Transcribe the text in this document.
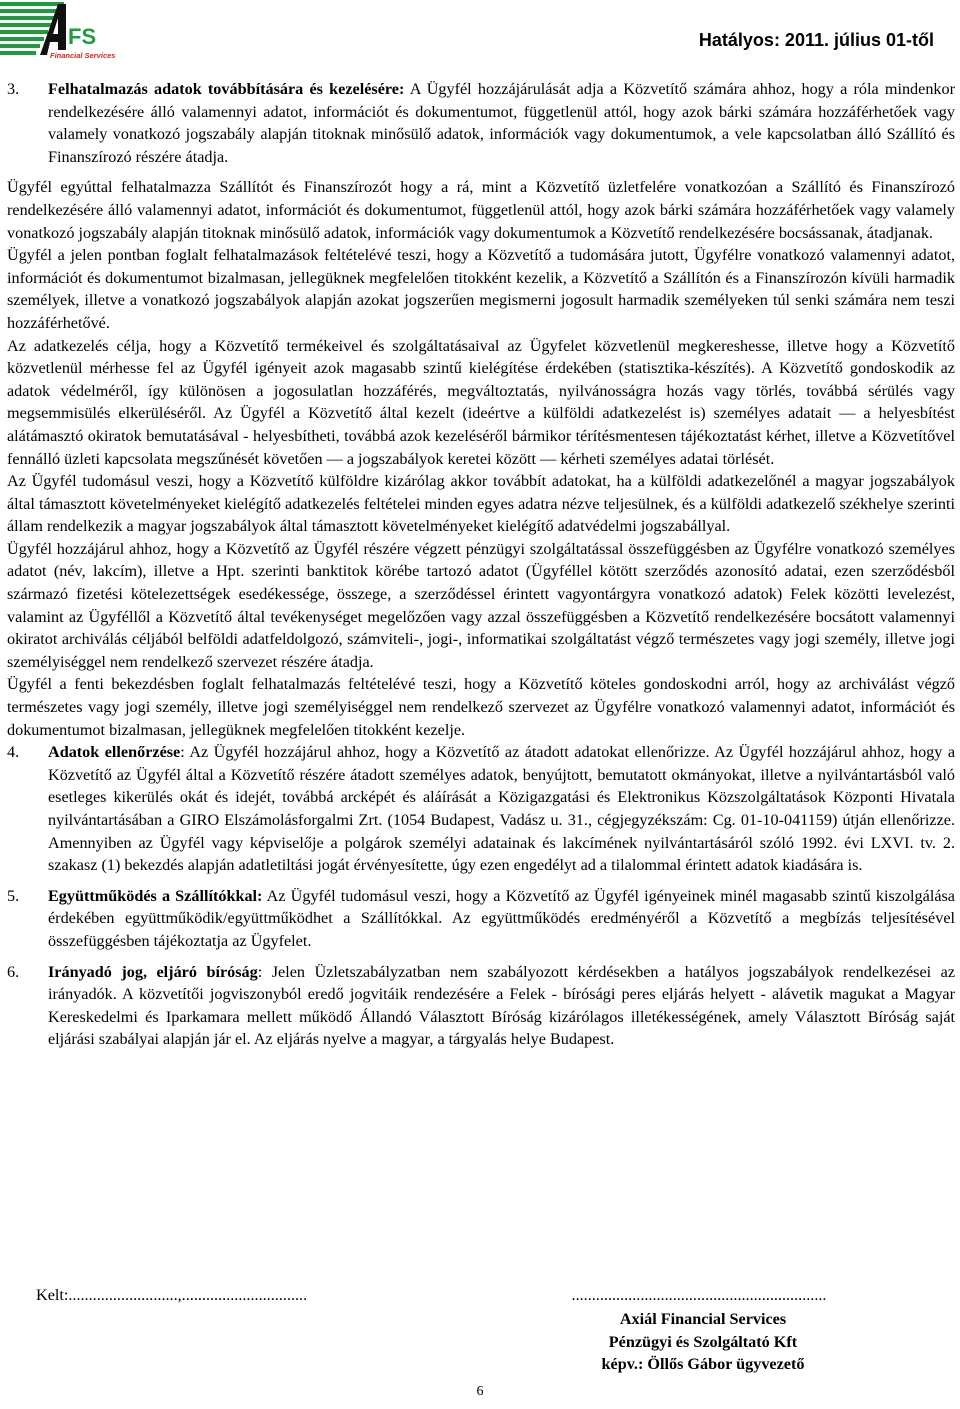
FS
Financial Services
Hatályos: 2011. július 01-től
3.	Felhatalmazás adatok továbbítására és kezelésére: A Ügyfél hozzájárulását adja a Közvetítő számára ahhoz, hogy a róla mindenkor rendelkezésére álló valamennyi adatot, információt és dokumentumot, függetlenül attól, hogy azok bárki számára hozzáférhetőek vagy valamely vonatkozó jogszabály alapján titoknak minősülő adatok, információk vagy dokumentumok, a vele kapcsolatban álló Szállító és Finanszírozó részére átadja.

Ügyfél egyúttal felhatalmazza Szállítót és Finanszírozót hogy a rá, mint a Közvetítő üzletfelére vonatkozóan a Szállító és Finanszírozó rendelkezésére álló valamennyi adatot, információt és dokumentumot, függetlenül attól, hogy azok bárki számára hozzáférhetőek vagy valamely vonatkozó jogszabály alapján titoknak minősülő adatok, információk vagy dokumentumok a Közvetítő rendelkezésére bocsássanak, átadjanak.

Ügyfél a jelen pontban foglalt felhatalmazások feltételévé teszi, hogy a Közvetítő a tudomására jutott, Ügyfélre vonatkozó valamennyi adatot, információt és dokumentumot bizalmasan, jellegüknek megfelelően titokként kezelik, a Közvetítő a Szállítón és a Finanszírozón kívüli harmadik személyek, illetve a vonatkozó jogszabályok alapján azokat jogszerűen megismerni jogosult harmadik személyeken túl senki számára nem teszi hozzáférhetővé.

Az adatkezelés célja, hogy a Közvetítő termékeivel és szolgáltatásaival az Ügyfelet közvetlenül megkereshesse, illetve hogy a Közvetítő közvetlenül mérhesse fel az Ügyfél igényeit azok magasabb szintű kielégítése érdekében (statisztika-készítés). A Közvetítő gondoskodik az adatok védelméről, így különösen a jogosulatlan hozzáférés, megváltoztatás, nyilvánosságra hozás vagy törlés, továbbá sérülés vagy megsemmisülés elkerüléséről. Az Ügyfél a Közvetítő által kezelt (ideértve a külföldi adatkezelést is) személyes adatait — a helyesbítést alátámasztó okiratok bemutatásával - helyesbítheti, továbbá azok kezeléséről bármikor térítésmentesen tájékoztatást kérhet, illetve a Közvetítővel fennálló üzleti kapcsolata megszűnését követően — a jogszabályok keretei között — kérheti személyes adatai törlését.

Az Ügyfél tudomásul veszi, hogy a Közvetítő külföldre kizárólag akkor továbbít adatokat, ha a külföldi adatkezelőnél a magyar jogszabályok által támasztott követelményeket kielégítő adatkezelés feltételei minden egyes adatra nézve teljesülnek, és a külföldi adatkezelő székhelye szerinti állam rendelkezik a magyar jogszabályok által támasztott követelményeket kielégítő adatvédelmi jogszabállyal.

Ügyfél hozzájárul ahhoz, hogy a Közvetítő az Ügyfél részére végzett pénzügyi szolgáltatással összefüggésben az Ügyfélre vonatkozó személyes adatot (név, lakcím), illetve a Hpt. szerinti banktitok körébe tartozó adatot (Ügyféllel kötött szerződés azonosító adatai, ezen szerződésből származó fizetési kötelezettségek esedékessége, összege, a szerződéssel érintett vagyontárgyra vonatkozó adatok) Felek közötti levelezést, valamint az Ügyféllől a Közvetítő által tevékenységet megelőzően vagy azzal összefüggésben a Közvetítő rendelkezésére bocsátott valamennyi okiratot archiválás céljából belföldi adatfeldolgozó, számviteli-, jogi-, informatikai szolgáltatást végző természetes vagy jogi személy, illetve jogi személyiséggel nem rendelkező szervezet részére átadja.

Ügyfél a fenti bekezdésben foglalt felhatalmazás feltételévé teszi, hogy a Közvetítő köteles gondoskodni arról, hogy az archiválást végző természetes vagy jogi személy, illetve jogi személyiséggel nem rendelkező szervezet az Ügyfélre vonatkozó valamennyi adatot, információt és dokumentumot bizalmasan, jellegüknek megfelelően titokként kezelje.

4.	Adatok ellenőrzése: Az Ügyfél hozzájárul ahhoz, hogy a Közvetítő az átadott adatokat ellenőrizze. Az Ügyfél hozzájárul ahhoz, hogy a Közvetítő az Ügyfél által a Közvetítő részére átadott személyes adatok, benyújtott, bemutatott okmányokat, illetve a nyilvántartásból való esetleges kikerülés okát és idejét, továbbá arcképét és aláírását a Közigazgatási és Elektronikus Közszolgáltatások Központi Hivatala nyilvántartásában a GIRO Elszámolásforgalmi Zrt. (1054 Budapest, Vadász u. 31., cégjegyzékszám: Cg. 01-10-041159) útján ellenőrizze. Amennyiben az Ügyfél vagy képviselője a polgárok személyi adatainak és lakcímének nyilvántartásáról szóló 1992. évi LXVI. tv. 2. szakasz (1) bekezdés alapján adatletiltási jogát érvényesítette, úgy ezen engedélyt ad a tilalommal érintett adatok kiadására is.
5.	Együttműködés a Szállítókkal: Az Ügyfél tudomásul veszi, hogy a Közvetítő az Ügyfél igényeinek minél magasabb szintű kiszolgálása érdekében együttműködik/együttműködhet a Szállítókkal. Az együttműködés eredményéről a Közvetítő a megbízás teljesítésével összefüggésben tájékoztatja az Ügyfelet.
6.	Irányadó jog, eljáró bíróság: Jelen Üzletszabályzatban nem szabályozott kérdésekben a hatályos jogszabályok rendelkezései az irányadók. A közvetítői jogviszonyból eredő jogvitáik rendezésére a Felek - bírósági peres eljárás helyett - alávetik magukat a Magyar Kereskedelmi és Iparkamara mellett működő Állandó Választott Bíróság kizárólagos illetékességének, amely Választott Bíróság saját eljárási szabályai alapján jár el. Az eljárás nyelve a magyar, a tárgyalás helye Budapest.
Kelt:...........................,...............................	...............................................................
Axiál Financial Services
Pénzügyi és Szolgáltató Kft
képv.: Öllős Gábor ügyvezető
6
